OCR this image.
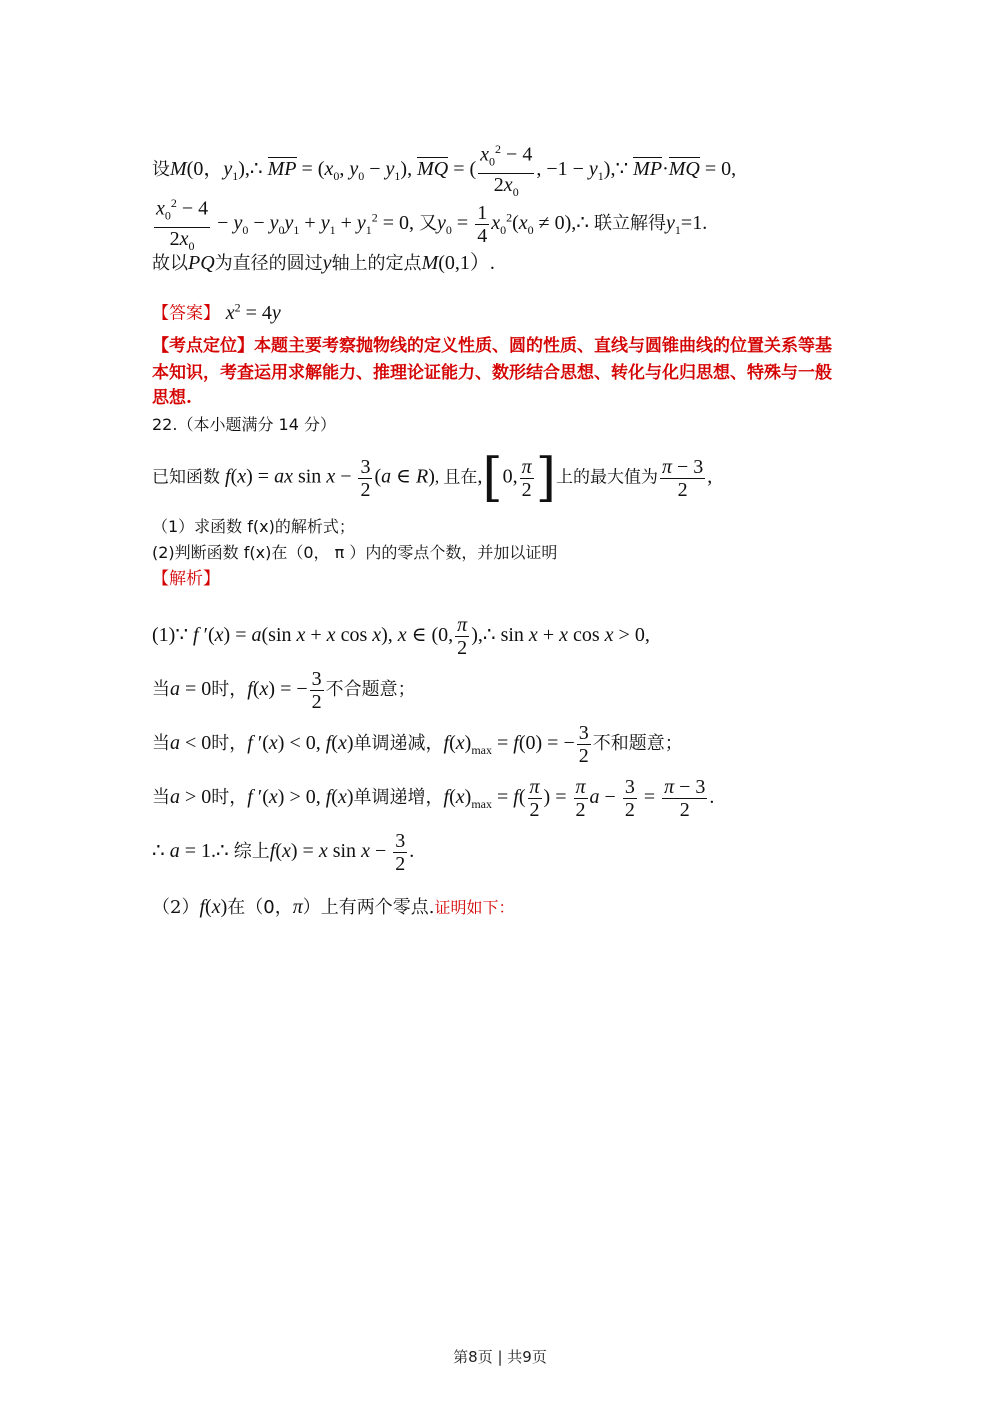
设M(0，$y_1),\therefore$ MP = ($x_0$, $y_0 - y_1$), MQ = ( $\frac{x_0^2 - 4}{2x_0}$ , $-1 - y_1),\because$ MP·MQ = 0,
$\frac{x_0^2 - 4}{2x_0} - y_0 - y_0y_1 + y_1 + y_1^2 = 0$, 又$y_0 = \frac{1}{4} x_0^2(x_0$ ≠ 0),∴ 联立解得$y_1=1$.
故以PQ为直径的圆过y轴上的定点M(0,1）.
【答案】 $x^2 = 4y$
【考点定位】本题主要考察抛物线的定义性质、圆的性质、直线与圆锥曲线的位置关系等基
本知识，考查运用求解能力、推理论证能力、数形结合思想、转化与化归思想、特殊与一般
思想.
22.（本小题满分 14 分）
已知函数 f(x) = ax $\sin x - \frac{3}{2} (a$ ∈ R), 且在,[0, $\frac{\pi}{2}$ ]上的最大值为 $\frac{\pi - 3}{2}$ ,
（1）求函数 f(x)的解析式；
(2)判断函数 f(x)在（0， π ）内的零点个数，并加以证明
【解析】
(1)∵ f ′(x) = a(sin x + x cos x), x ∈ (0, $\frac{\pi}{2}$ ),∴ sin x + x cos x > 0,
当a = 0时，f(x) = − $\frac{3}{2}$ 不合题意；
当a < 0时，f ′(x) < 0, f(x)单调递减，$f(x)_{max} = f(0)$ = − $\frac{3}{2}$ 不和题意；
当a > 0时，f ′(x) > 0, f(x)单调递增，$f(x)_{max} = f( \frac{\pi}{2}$ ) = $\frac{\pi}{2}$ $a - \frac{3}{2} = \frac{\pi - 3}{2}$ .
∴ a = 1.∴ 综上f(x) = x $\sin x - \frac{3}{2}$ .
（2）f(x)在（0，π）上有两个零点.证明如下：
第8页 | 共9页
